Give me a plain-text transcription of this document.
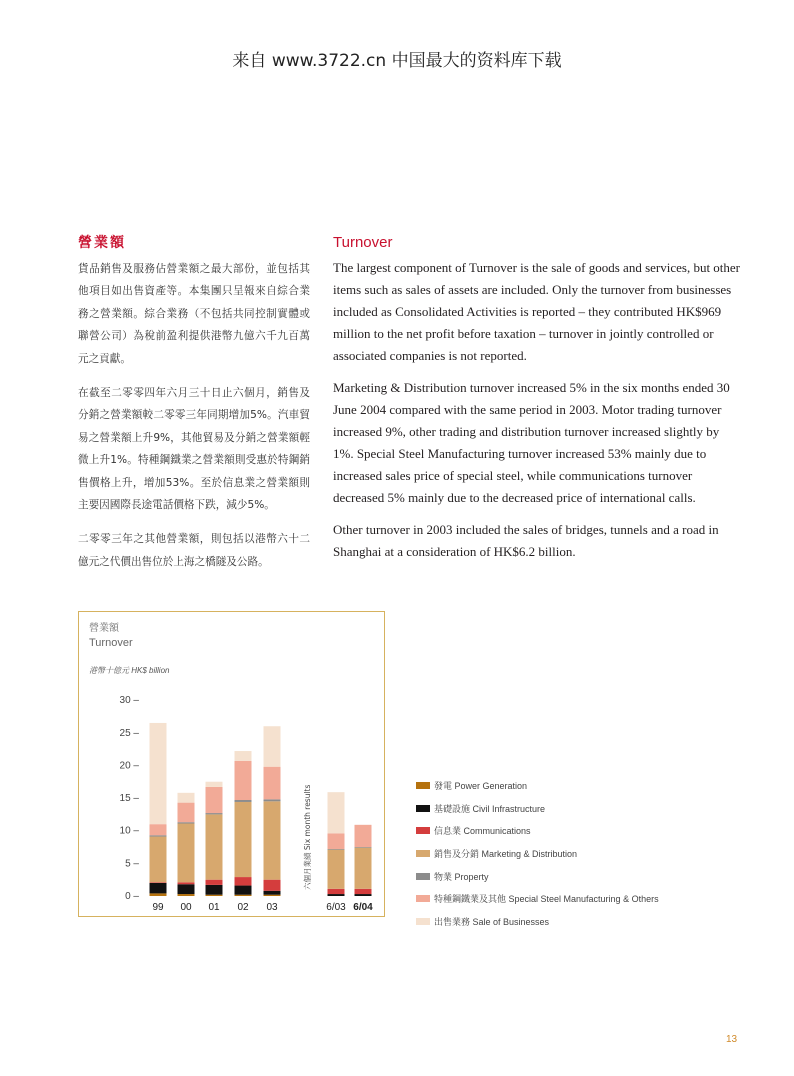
来自 www.3722.cn 中国最大的资料库下载
營業額

貨品銷售及服務佔營業額之最大部份，並包括其他項目如出售資產等。本集團只呈報來自綜合業務之營業額。綜合業務（不包括共同控制實體或聯營公司）為稅前盈利提供港幣九億六千九百萬元之貢獻。

在截至二零零四年六月三十日止六個月，銷售及分銷之營業額較二零零三年同期增加5%。汽車貿易之營業額上升9%，其他貿易及分銷之營業額輕微上升1%。特種鋼鐵業之營業額則受惠於特鋼銷售價格上升，增加53%。至於信息業之營業額則主要因國際長途電話價格下跌，減少5%。

二零零三年之其他營業額，則包括以港幣六十二億元之代價出售位於上海之橋隧及公路。

Turnover

The largest component of Turnover is the sale of goods and services, but other items such as sales of assets are included. Only the turnover from businesses included as Consolidated Activities is reported – they contributed HK$969 million to the net profit before taxation – turnover in jointly controlled or associated companies is not reported.

Marketing & Distribution turnover increased 5% in the six months ended 30 June 2004 compared with the same period in 2003. Motor trading turnover increased 9%, other trading and distribution turnover increased slightly by 1%. Special Steel Manufacturing turnover increased 53% mainly due to increased sales price of special steel, while communications turnover decreased 5% mainly due to the decreased price of international calls.

Other turnover in 2003 included the sales of bridges, tunnels and a road in Shanghai at a consideration of HK$6.2 billion.

營業額
Turnover
港幣十億元 HK$ billion
0 –
5 –
10 –
15 –
20 –
25 –
30 –
99 00 01 02 03	6/03 6/04
六個月業績 Six month results	發電 Power Generation
基礎設施 Civil Infrastructure
信息業 Communications
銷售及分銷 Marketing & Distribution
物業 Property
特種鋼鐵業及其他 Special Steel Manufacturing & Others
出售業務 Sale of Businesses
13
